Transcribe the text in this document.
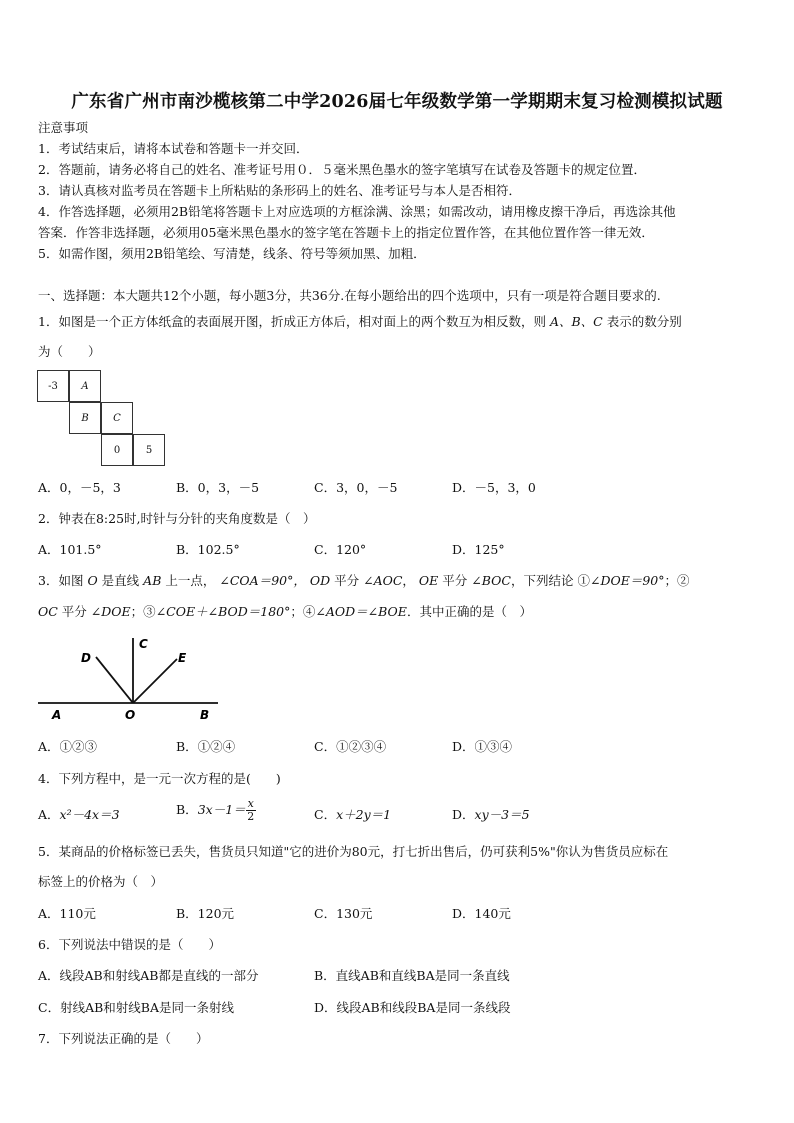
广东省广州市南沙榄核第二中学2026届七年级数学第一学期期末复习检测模拟试题
注意事项
1．考试结束后，请将本试卷和答题卡一并交回．
2．答题前，请务必将自己的姓名、准考证号用０．５毫米黑色墨水的签字笔填写在试卷及答题卡的规定位置．
3．请认真核对监考员在答题卡上所粘贴的条形码上的姓名、准考证号与本人是否相符．
4．作答选择题，必须用2B铅笔将答题卡上对应选项的方框涂满、涂黑；如需改动，请用橡皮擦干净后，再选涂其他
答案．作答非选择题，必须用05毫米黑色墨水的签字笔在答题卡上的指定位置作答，在其他位置作答一律无效．
5．如需作图，须用2B铅笔绘、写清楚，线条、符号等须加黑、加粗．
一、选择题：本大题共12个小题，每小题3分，共36分.在每小题给出的四个选项中，只有一项是符合题目要求的.
1．如图是一个正方体纸盒的表面展开图，折成正方体后，相对面上的两个数互为相反数，则 A、B、C 表示的数分别
为（　　）
-3	A
B	C
0	5
A．0，－5，3	B．0，3，－5	C．3，0，－5	D．－5，3，0
2．钟表在8:25时,时针与分针的夹角度数是（　）
A．101.5°	B．102.5°	C．120°	D．125°
3．如图 O 是直线 AB 上一点， ∠COA＝90°， OD 平分 ∠AOC， OE 平分 ∠BOC，下列结论 ①∠DOE＝90°；②
OC 平分 ∠DOE；③∠COE＋∠BOD＝180°；④∠AOD＝∠BOE．其中正确的是（　）
A	B
C
D	E
O
A．①②③	B．①②④	C．①②③④	D．①③④
4．下列方程中，是一元一次方程的是(　　)
A．x²－4x＝3	B．$3x-1= \frac{x}{2}$	C．x＋2y＝1	D．xy－3＝5
5．某商品的价格标签已丢失，售货员只知道"它的进价为80元，打七折出售后，仍可获利5%"你认为售货员应标在
标签上的价格为（　）
A．110元	B．120元	C．130元	D．140元
6．下列说法中错误的是（　　）
A．线段AB和射线AB都是直线的一部分	B．直线AB和直线BA是同一条直线
C．射线AB和射线BA是同一条射线	D．线段AB和线段BA是同一条线段
7．下列说法正确的是（　　）
